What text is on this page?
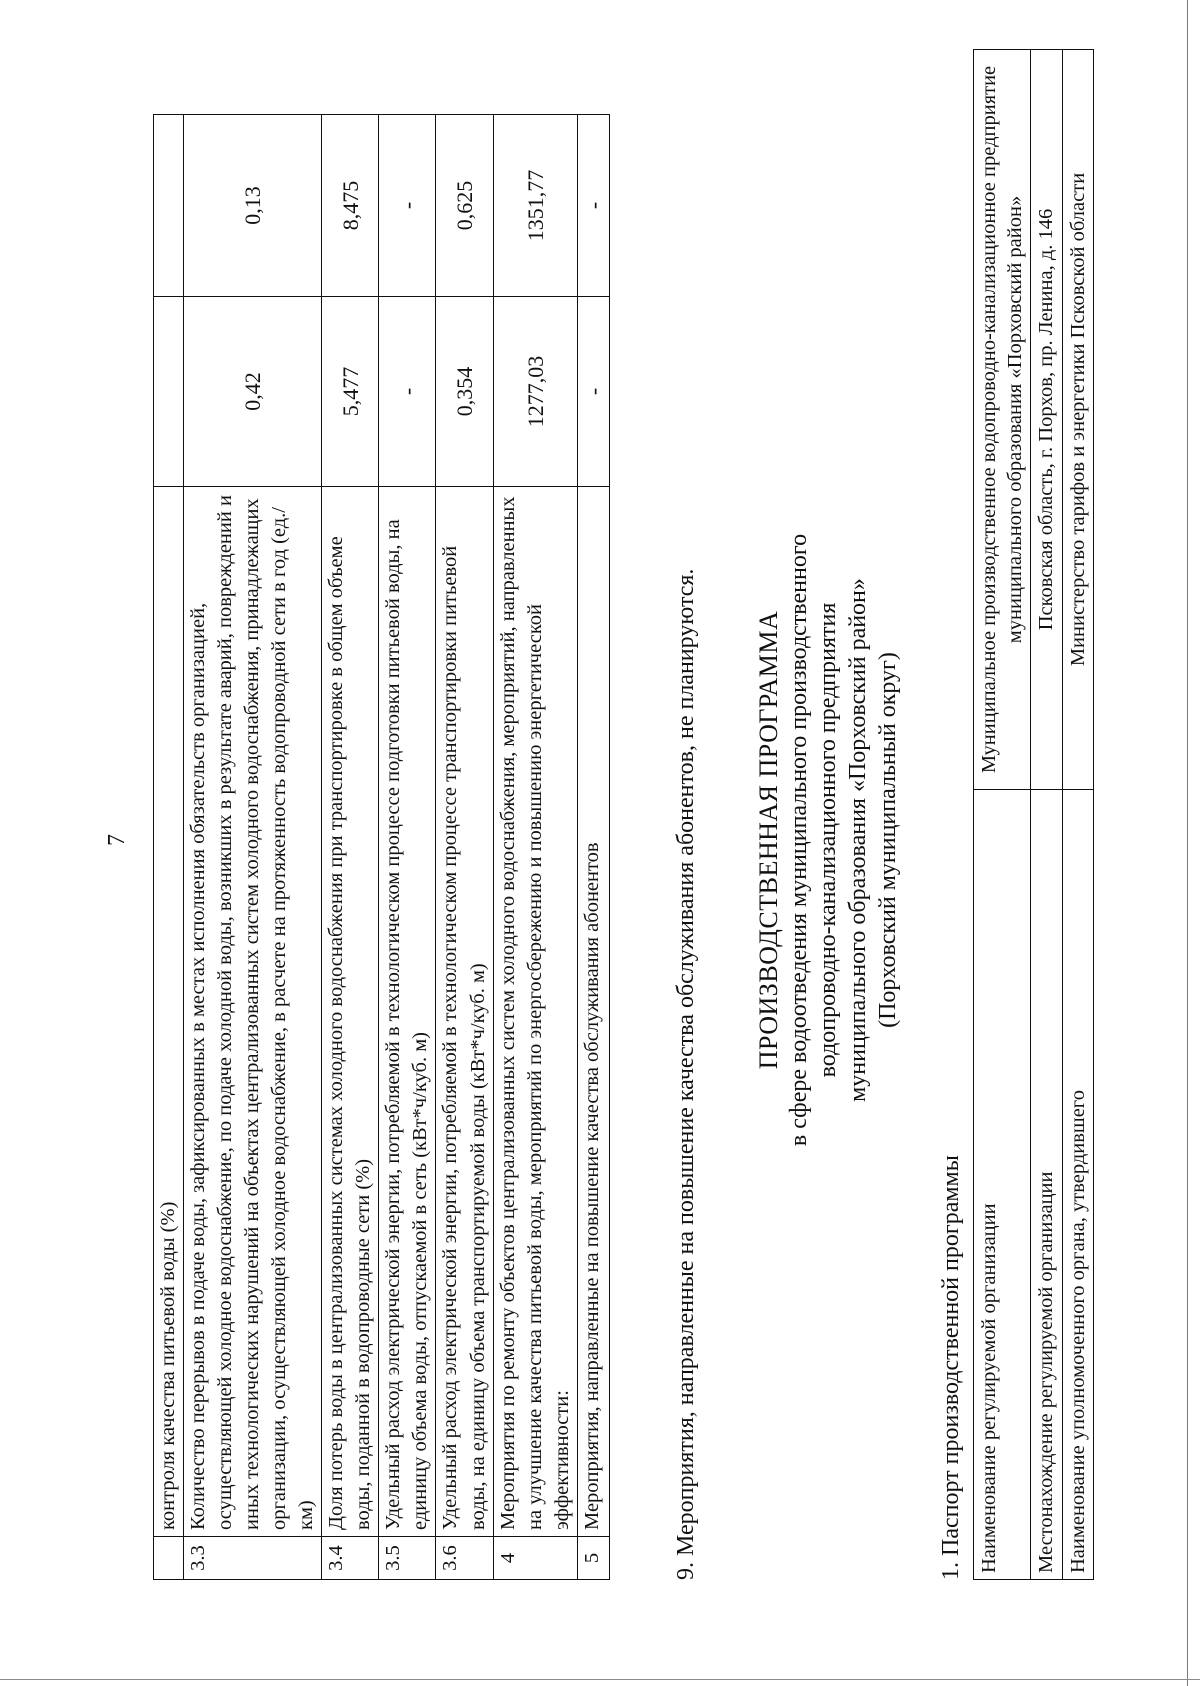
7
	контроля качества питьевой воды (%)		
3.3	Количество перерывов в подаче воды, зафиксированных в местах исполнения обязательств организацией, осуществляющей холодное водоснабжение, по подаче холодной воды, возникших в результате аварий, повреждений и иных технологических нарушений на объектах централизованных систем холодного водоснабжения, принадлежащих организации, осуществляющей холодное водоснабжение, в расчете на протяженность водопроводной сети в год (ед./км)	0,42	0,13
3.4	Доля потерь воды в централизованных системах холодного водоснабжения при транспортировке в общем объеме воды, поданной в водопроводные сети (%)	5,477	8,475
3.5	Удельный расход электрической энергии, потребляемой в технологическом процессе подготовки питьевой воды, на единицу объема воды, отпускаемой в сеть (кВт*ч/куб. м)	-	-
3.6	Удельный расход электрической энергии, потребляемой в технологическом процессе транспортировки питьевой воды, на единицу объема транспортируемой воды (кВт*ч/куб. м)	0,354	0,625
4	Мероприятия по ремонту объектов централизованных систем холодного водоснабжения, мероприятий, направленных на улучшение качества питьевой воды, мероприятий по энергосбережению и повышению энергетической эффективности:	1277,03	1351,77
5	Мероприятия, направленные на повышение качества обслуживания абонентов	-	-
9. Мероприятия, направленные на повышение качества обслуживания абонентов, не планируются. ПРОИЗВОДСТВЕННАЯ ПРОГРАММА в сфере водоотведения муниципального производственного водопроводно-канализационного предприятия муниципального образования «Порховский район» (Порховский муниципальный округ)
1. Паспорт производственной программы Наименование регулируемой организации	Муниципальное производственное водопроводно-канализационное предприятие муниципального образования «Порховский район»
Местонахождение регулируемой организации	Псковская область, г. Порхов, пр. Ленина, д. 146
Наименование уполномоченного органа, утвердившего	Министерство тарифов и энергетики Псковской области
